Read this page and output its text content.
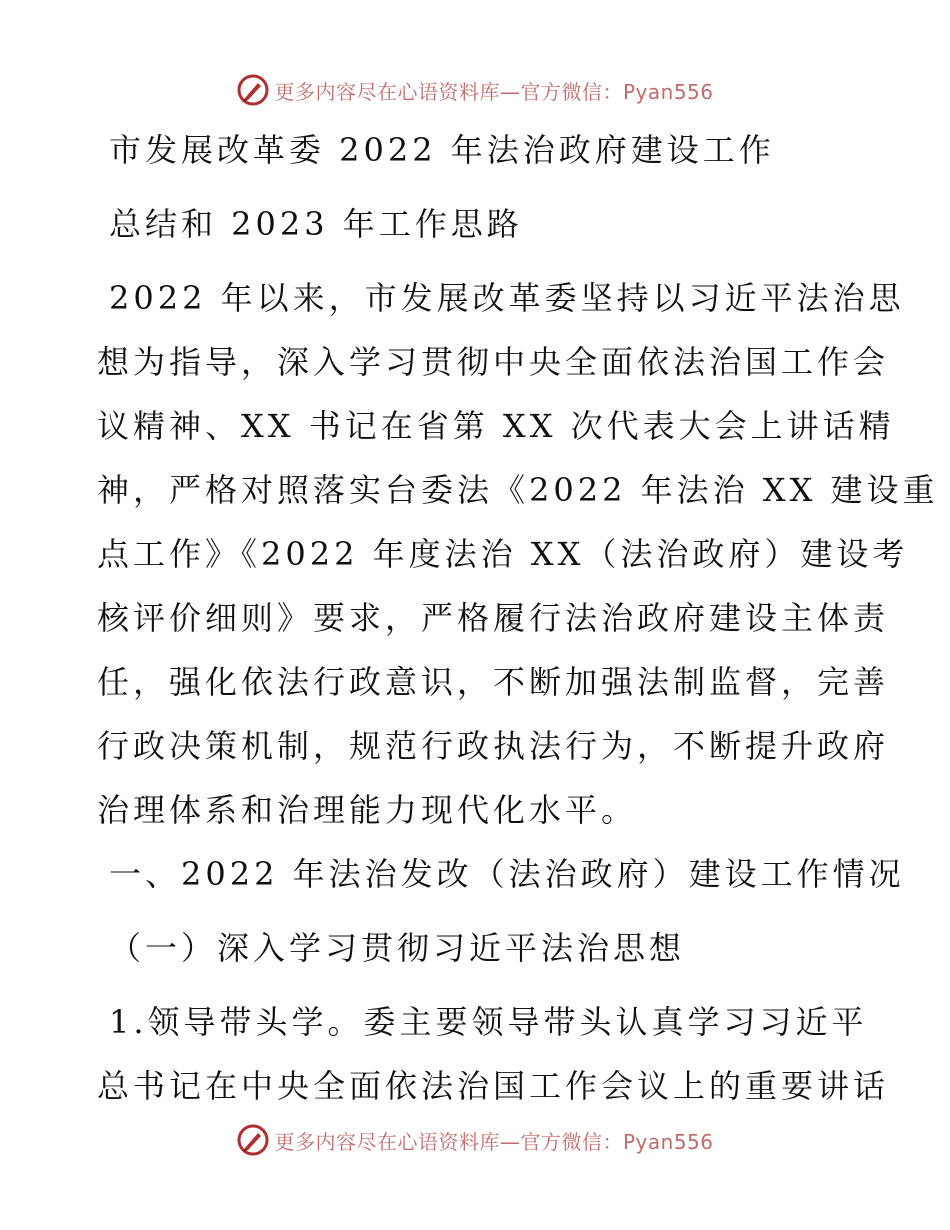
更多内容尽在心语资料库—官方微信：Pyan556
市发展改革委 2022 年法治政府建设工作
总结和 2023 年工作思路
2022 年以来，市发展改革委坚持以习近平法治思
想为指导，深入学习贯彻中央全面依法治国工作会
议精神、XX 书记在省第 XX 次代表大会上讲话精
神，严格对照落实台委法《2022 年法治 XX 建设重
点工作》《2022 年度法治 XX（法治政府）建设考
核评价细则》要求，严格履行法治政府建设主体责
任，强化依法行政意识，不断加强法制监督，完善
行政决策机制，规范行政执法行为，不断提升政府
治理体系和治理能力现代化水平。
一、2022 年法治发改（法治政府）建设工作情况
（一）深入学习贯彻习近平法治思想
1.领导带头学。委主要领导带头认真学习习近平
总书记在中央全面依法治国工作会议上的重要讲话
更多内容尽在心语资料库—官方微信：Pyan556
